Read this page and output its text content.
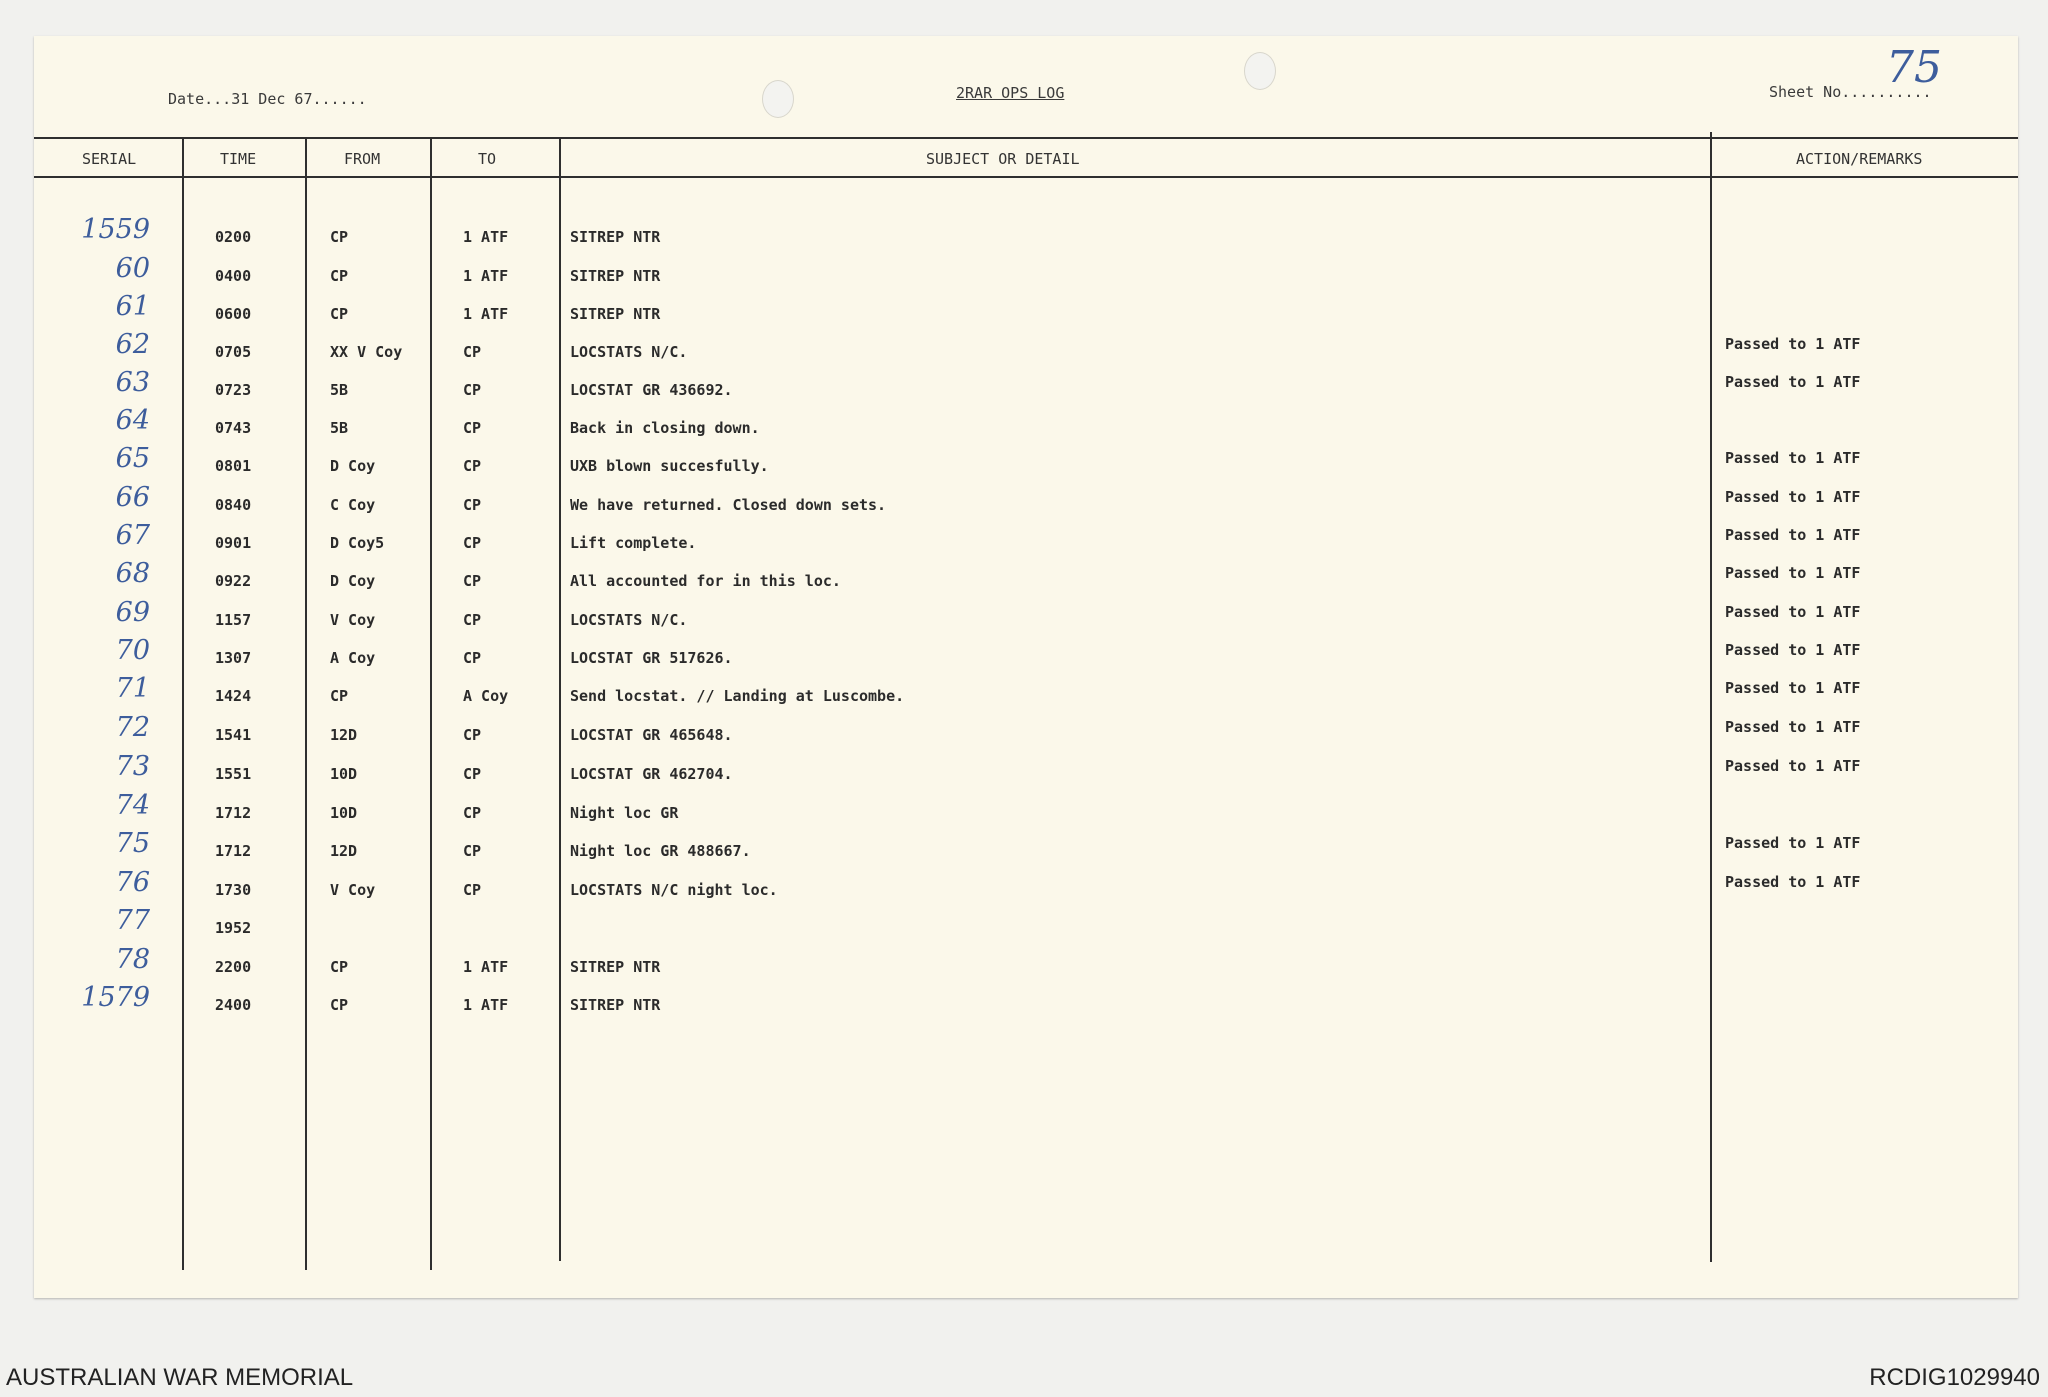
Date...31 Dec 67......	2RAR OPS LOG	Sheet No..........
75
SERIAL	TIME	FROM	TO	SUBJECT OR DETAIL	ACTION/REMARKS
1559	0200	CP	1 ATF	SITREP NTR
60	0400	CP	1 ATF	SITREP NTR
61	0600	CP	1 ATF	SITREP NTR
62	0705	XX V Coy	CP	LOCSTATS N/C.	Passed to 1 ATF
63	0723	5B	CP	LOCSTAT GR 436692.	Passed to 1 ATF
64	0743	5B	CP	Back in closing down.
65	0801	D Coy	CP	UXB blown succesfully.	Passed to 1 ATF
66	0840	C Coy	CP	We have returned. Closed down sets.	Passed to 1 ATF
67	0901	D Coy5	CP	Lift complete.	Passed to 1 ATF
68	0922	D Coy	CP	All accounted for in this loc.	Passed to 1 ATF
69	1157	V Coy	CP	LOCSTATS N/C.	Passed to 1 ATF
70	1307	A Coy	CP	LOCSTAT GR 517626.	Passed to 1 ATF
71	1424	CP	A Coy	Send locstat. // Landing at Luscombe.	Passed to 1 ATF
72	1541	12D	CP	LOCSTAT GR 465648.	Passed to 1 ATF
73	1551	10D	CP	LOCSTAT GR 462704.	Passed to 1 ATF
74	1712	10D	CP	Night loc GR
75	1712	12D	CP	Night loc GR 488667.	Passed to 1 ATF
76	1730	V Coy	CP	LOCSTATS N/C night loc.	Passed to 1 ATF
77	1952
78	2200	CP	1 ATF	SITREP NTR
1579	2400	CP	1 ATF	SITREP NTR
AUSTRALIAN WAR MEMORIAL	RCDIG1029940
